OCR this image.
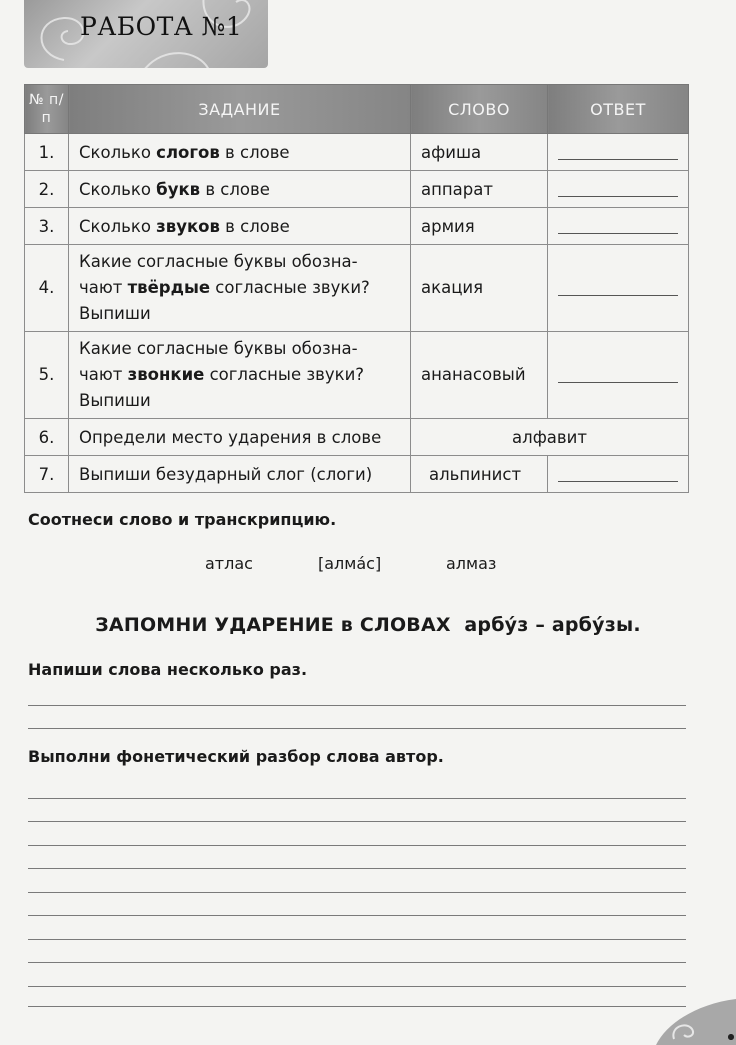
РАБОТА №1
№ п/п	ЗАДАНИЕ	СЛОВО	ОТВЕТ
1.	Сколько слогов в слове	афиша	

2.	Сколько букв в слове	аппарат	

3.	Сколько звуков в слове	армия	

4.	Какие согласные буквы обозна-
чают твёрдые согласные звуки?
Выпиши	акация	

5.	Какие согласные буквы обозна-
чают звонкие согласные звуки?
Выпиши	ананасовый	

6.	Определи место ударения в слове	алфавит	
7.	Выпиши безударный слог (слоги)	альпинист	
Соотнеси слово и транскрипцию.
атлас	[алмáс]	алмаз
ЗАПОМНИ УДАРЕНИЕ в СЛОВАХ арбу́з – арбу́зы.
Напиши слова несколько раз.
Выполни фонетический разбор слова автор.
